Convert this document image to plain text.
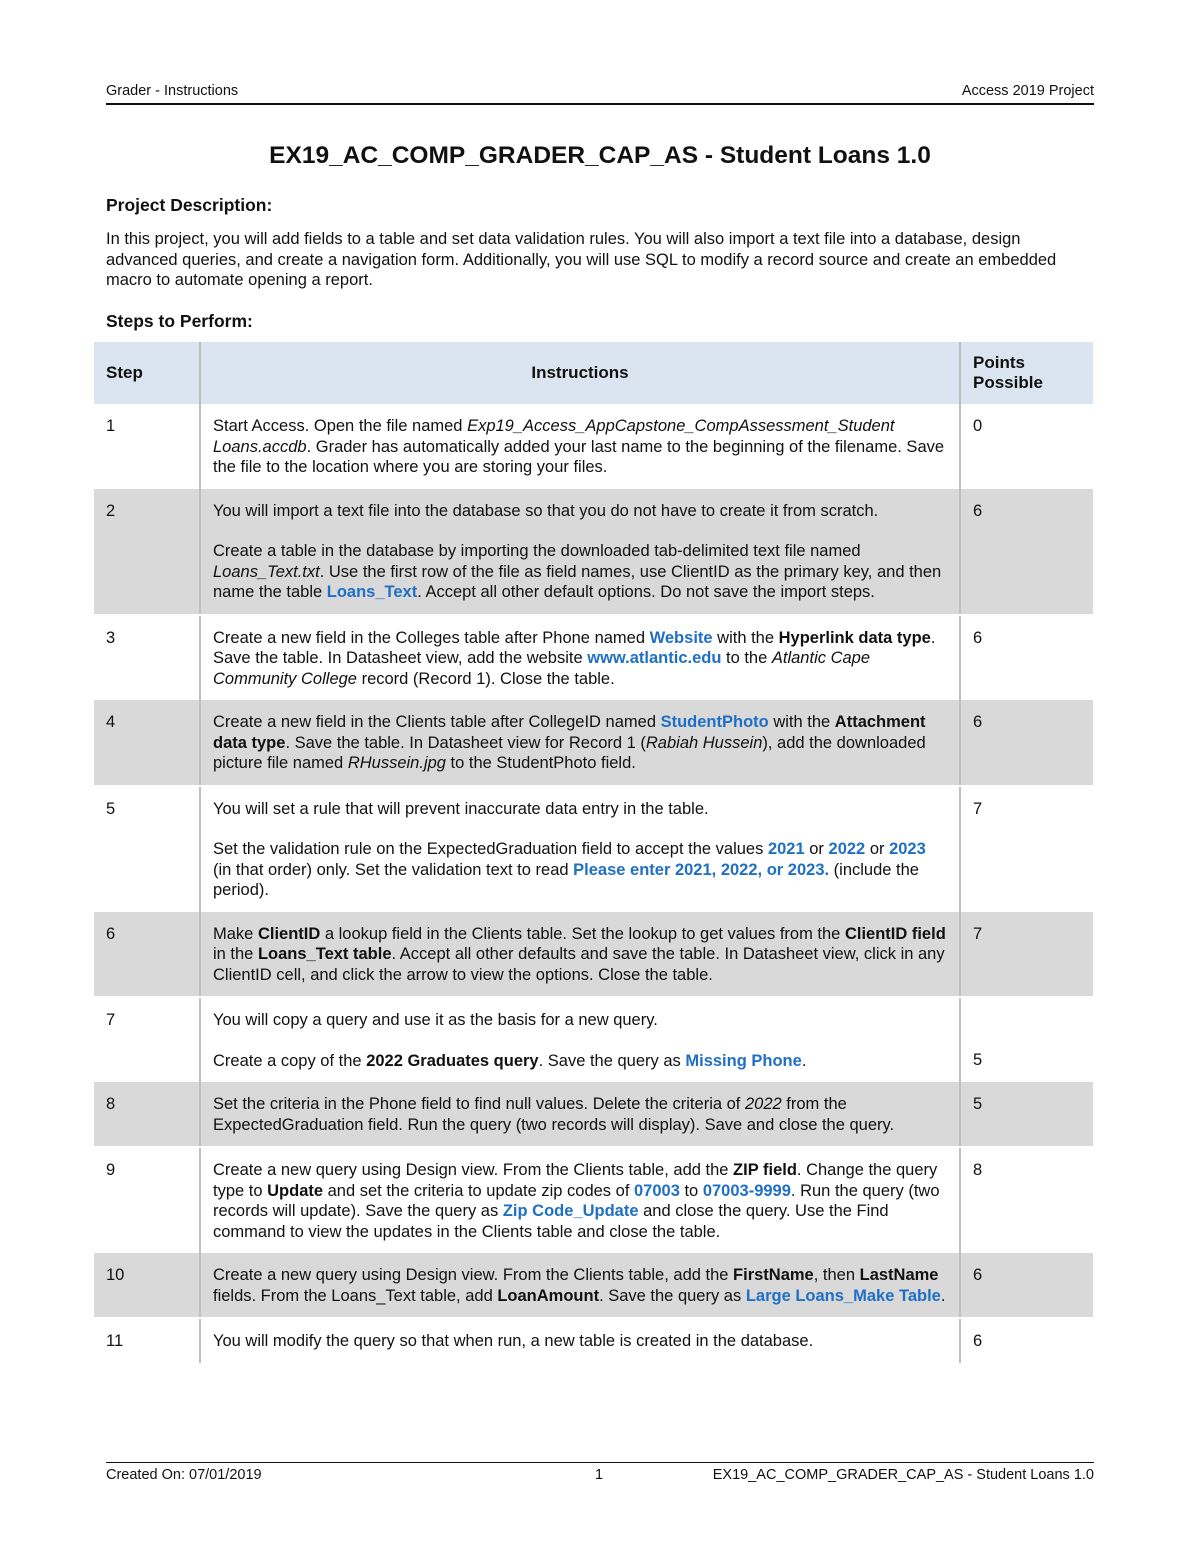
Grader - Instructions	Access 2019 Project
EX19_AC_COMP_GRADER_CAP_AS - Student Loans 1.0
Project Description:
In this project, you will add fields to a table and set data validation rules. You will also import a text file into a database, design advanced queries, and create a navigation form. Additionally, you will use SQL to modify a record source and create an embedded macro to automate opening a report.
Steps to Perform:
Step	Instructions	Points Possible
1	Start Access. Open the file named Exp19_Access_AppCapstone_CompAssessment_Student Loans.accdb. Grader has automatically added your last name to the beginning of the filename. Save the file to the location where you are storing your files.	0
2	You will import a text file into the database so that you do not have to create it from scratch.
Create a table in the database by importing the downloaded tab-delimited text file named Loans_Text.txt. Use the first row of the file as field names, use ClientID as the primary key, and then name the table Loans_Text. Accept all other default options. Do not save the import steps.	6
3	Create a new field in the Colleges table after Phone named Website with the Hyperlink data type. Save the table. In Datasheet view, add the website www.atlantic.edu to the Atlantic Cape Community College record (Record 1). Close the table.	6
4	Create a new field in the Clients table after CollegeID named StudentPhoto with the Attachment data type. Save the table. In Datasheet view for Record 1 (Rabiah Hussein), add the downloaded picture file named RHussein.jpg to the StudentPhoto field.	6
5	You will set a rule that will prevent inaccurate data entry in the table.
Set the validation rule on the ExpectedGraduation field to accept the values 2021 or 2022 or 2023 (in that order) only. Set the validation text to read Please enter 2021, 2022, or 2023. (include the period).	7
6	Make ClientID a lookup field in the Clients table. Set the lookup to get values from the ClientID field in the Loans_Text table. Accept all other defaults and save the table. In Datasheet view, click in any ClientID cell, and click the arrow to view the options. Close the table.	7
7	You will copy a query and use it as the basis for a new query.
Create a copy of the 2022 Graduates query. Save the query as Missing Phone.	5
8	Set the criteria in the Phone field to find null values. Delete the criteria of 2022 from the ExpectedGraduation field. Run the query (two records will display). Save and close the query.	5
9	Create a new query using Design view. From the Clients table, add the ZIP field. Change the query type to Update and set the criteria to update zip codes of 07003 to 07003-9999. Run the query (two records will update). Save the query as Zip Code_Update and close the query. Use the Find command to view the updates in the Clients table and close the table.	8
10	Create a new query using Design view. From the Clients table, add the FirstName, then LastName fields. From the Loans_Text table, add LoanAmount. Save the query as Large Loans_Make Table.	6
11	You will modify the query so that when run, a new table is created in the database.	6
Created On: 07/01/2019	1	EX19_AC_COMP_GRADER_CAP_AS - Student Loans 1.0
